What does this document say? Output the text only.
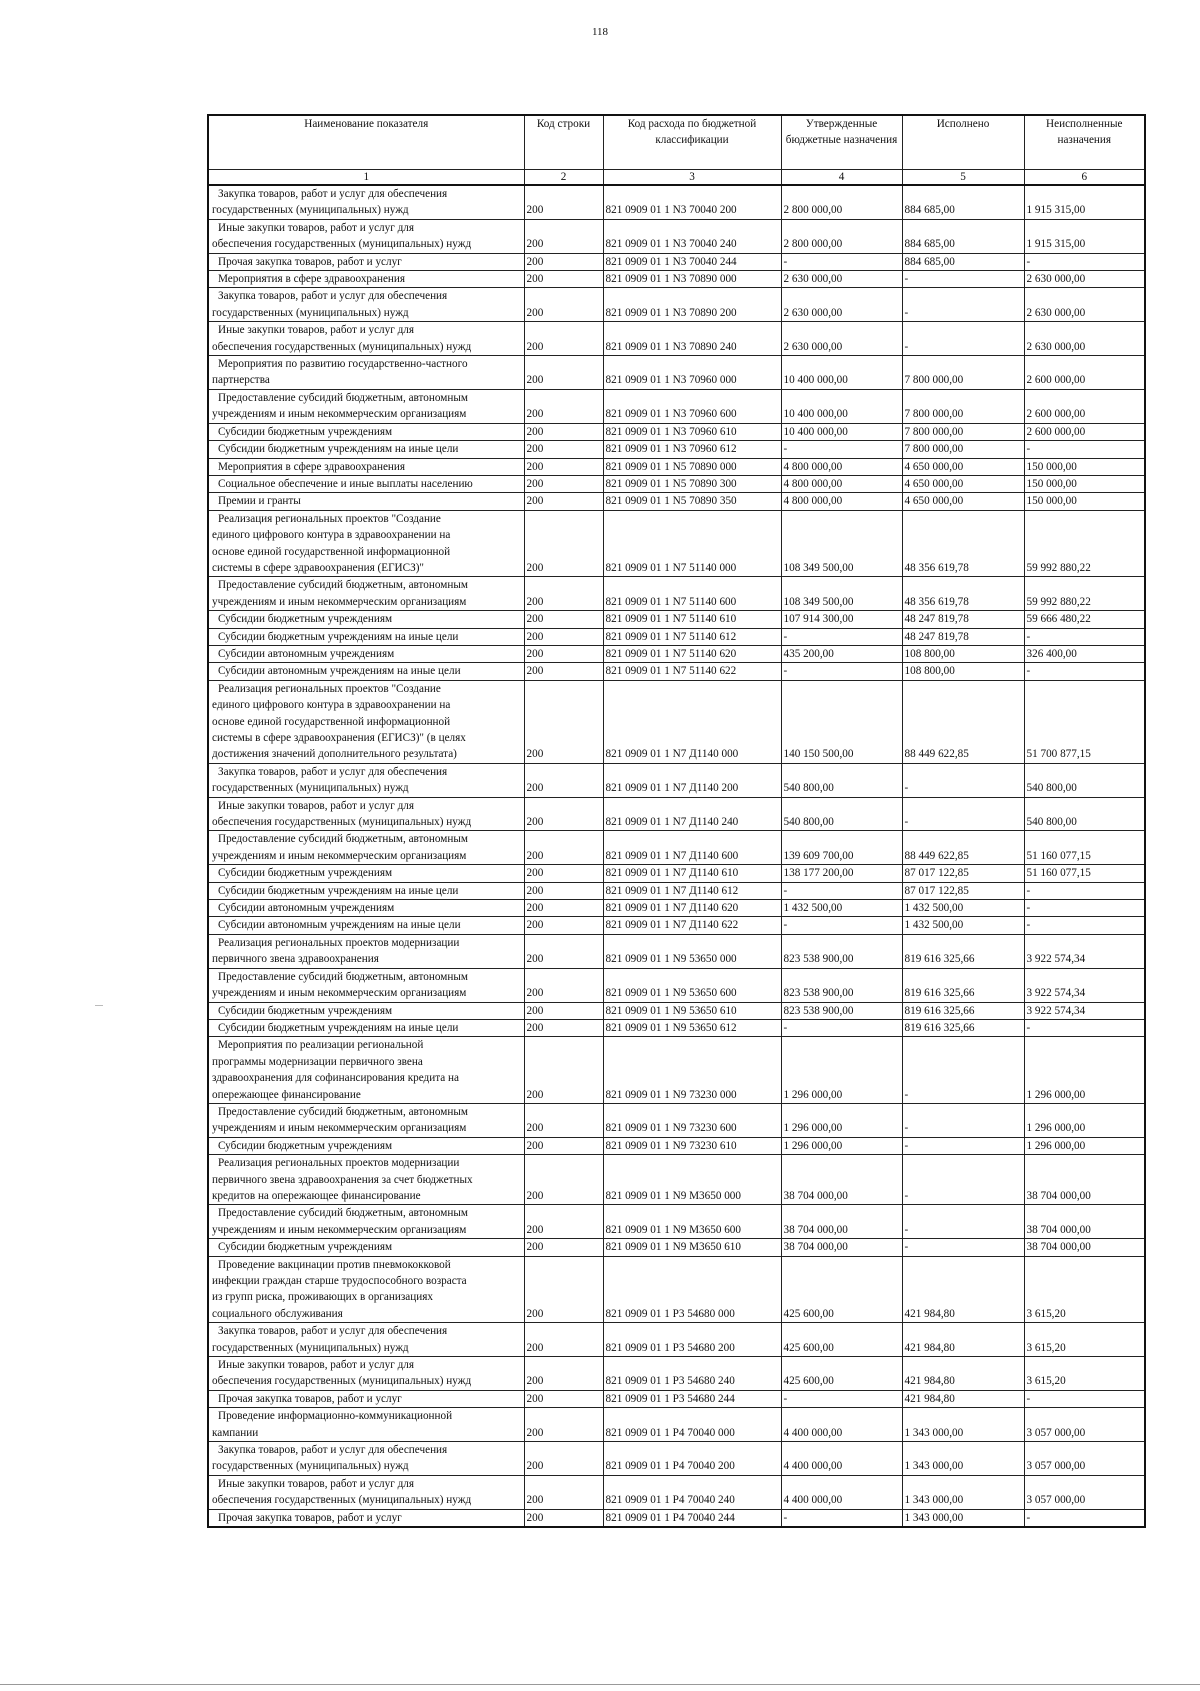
118
Наименование показателя	Код строки	Код расхода по бюджетной классификации	Утвержденные бюджетные назначения	Исполнено	Неисполненные назначения
1	2	3	4	5	6

Закупка товаров, работ и услуг для обеспечения
государственных (муниципальных) нужд	200	821 0909 01 1 N3 70040 200	2 800 000,00	884 685,00	1 915 315,00

Иные закупки товаров, работ и услуг для
обеспечения государственных (муниципальных) нужд	200	821 0909 01 1 N3 70040 240	2 800 000,00	884 685,00	1 915 315,00

Прочая закупка товаров, работ и услуг	200	821 0909 01 1 N3 70040 244	-	884 685,00	-

Мероприятия в сфере здравоохранения	200	821 0909 01 1 N3 70890 000	2 630 000,00	-	2 630 000,00

Закупка товаров, работ и услуг для обеспечения
государственных (муниципальных) нужд	200	821 0909 01 1 N3 70890 200	2 630 000,00	-	2 630 000,00

Иные закупки товаров, работ и услуг для
обеспечения государственных (муниципальных) нужд	200	821 0909 01 1 N3 70890 240	2 630 000,00	-	2 630 000,00

Мероприятия по развитию государственно-частного
партнерства	200	821 0909 01 1 N3 70960 000	10 400 000,00	7 800 000,00	2 600 000,00

Предоставление субсидий бюджетным, автономным
учреждениям и иным некоммерческим организациям	200	821 0909 01 1 N3 70960 600	10 400 000,00	7 800 000,00	2 600 000,00

Субсидии бюджетным учреждениям	200	821 0909 01 1 N3 70960 610	10 400 000,00	7 800 000,00	2 600 000,00

Субсидии бюджетным учреждениям на иные цели	200	821 0909 01 1 N3 70960 612	-	7 800 000,00	-

Мероприятия в сфере здравоохранения	200	821 0909 01 1 N5 70890 000	4 800 000,00	4 650 000,00	150 000,00

Социальное обеспечение и иные выплаты населению	200	821 0909 01 1 N5 70890 300	4 800 000,00	4 650 000,00	150 000,00

Премии и гранты	200	821 0909 01 1 N5 70890 350	4 800 000,00	4 650 000,00	150 000,00

Реализация региональных проектов "Создание
единого цифрового контура в здравоохранении на
основе единой государственной информационной
системы в сфере здравоохранения (ЕГИСЗ)"	200	821 0909 01 1 N7 51140 000	108 349 500,00	48 356 619,78	59 992 880,22

Предоставление субсидий бюджетным, автономным
учреждениям и иным некоммерческим организациям	200	821 0909 01 1 N7 51140 600	108 349 500,00	48 356 619,78	59 992 880,22

Субсидии бюджетным учреждениям	200	821 0909 01 1 N7 51140 610	107 914 300,00	48 247 819,78	59 666 480,22

Субсидии бюджетным учреждениям на иные цели	200	821 0909 01 1 N7 51140 612	-	48 247 819,78	-

Субсидии автономным учреждениям	200	821 0909 01 1 N7 51140 620	435 200,00	108 800,00	326 400,00

Субсидии автономным учреждениям на иные цели	200	821 0909 01 1 N7 51140 622	-	108 800,00	-

Реализация региональных проектов "Создание
единого цифрового контура в здравоохранении на
основе единой государственной информационной
системы в сфере здравоохранения (ЕГИСЗ)" (в целях
достижения значений дополнительного результата)	200	821 0909 01 1 N7 Д1140 000	140 150 500,00	88 449 622,85	51 700 877,15

Закупка товаров, работ и услуг для обеспечения
государственных (муниципальных) нужд	200	821 0909 01 1 N7 Д1140 200	540 800,00	-	540 800,00

Иные закупки товаров, работ и услуг для
обеспечения государственных (муниципальных) нужд	200	821 0909 01 1 N7 Д1140 240	540 800,00	-	540 800,00

Предоставление субсидий бюджетным, автономным
учреждениям и иным некоммерческим организациям	200	821 0909 01 1 N7 Д1140 600	139 609 700,00	88 449 622,85	51 160 077,15

Субсидии бюджетным учреждениям	200	821 0909 01 1 N7 Д1140 610	138 177 200,00	87 017 122,85	51 160 077,15

Субсидии бюджетным учреждениям на иные цели	200	821 0909 01 1 N7 Д1140 612	-	87 017 122,85	-

Субсидии автономным учреждениям	200	821 0909 01 1 N7 Д1140 620	1 432 500,00	1 432 500,00	-

Субсидии автономным учреждениям на иные цели	200	821 0909 01 1 N7 Д1140 622	-	1 432 500,00	-

Реализация региональных проектов модернизации
первичного звена здравоохранения	200	821 0909 01 1 N9 53650 000	823 538 900,00	819 616 325,66	3 922 574,34

Предоставление субсидий бюджетным, автономным
учреждениям и иным некоммерческим организациям	200	821 0909 01 1 N9 53650 600	823 538 900,00	819 616 325,66	3 922 574,34

Субсидии бюджетным учреждениям	200	821 0909 01 1 N9 53650 610	823 538 900,00	819 616 325,66	3 922 574,34

Субсидии бюджетным учреждениям на иные цели	200	821 0909 01 1 N9 53650 612	-	819 616 325,66	-

Мероприятия по реализации региональной
программы модернизации первичного звена
здравоохранения для софинансирования кредита на
опережающее финансирование	200	821 0909 01 1 N9 73230 000	1 296 000,00	-	1 296 000,00

Предоставление субсидий бюджетным, автономным
учреждениям и иным некоммерческим организациям	200	821 0909 01 1 N9 73230 600	1 296 000,00	-	1 296 000,00

Субсидии бюджетным учреждениям	200	821 0909 01 1 N9 73230 610	1 296 000,00	-	1 296 000,00

Реализация региональных проектов модернизации
первичного звена здравоохранения за счет бюджетных
кредитов на опережающее финансирование	200	821 0909 01 1 N9 M3650 000	38 704 000,00	-	38 704 000,00

Предоставление субсидий бюджетным, автономным
учреждениям и иным некоммерческим организациям	200	821 0909 01 1 N9 M3650 600	38 704 000,00	-	38 704 000,00

Субсидии бюджетным учреждениям	200	821 0909 01 1 N9 M3650 610	38 704 000,00	-	38 704 000,00

Проведение вакцинации против пневмококковой
инфекции граждан старше трудоспособного возраста
из групп риска, проживающих в организациях
социального обслуживания	200	821 0909 01 1 P3 54680 000	425 600,00	421 984,80	3 615,20

Закупка товаров, работ и услуг для обеспечения
государственных (муниципальных) нужд	200	821 0909 01 1 P3 54680 200	425 600,00	421 984,80	3 615,20

Иные закупки товаров, работ и услуг для
обеспечения государственных (муниципальных) нужд	200	821 0909 01 1 P3 54680 240	425 600,00	421 984,80	3 615,20

Прочая закупка товаров, работ и услуг	200	821 0909 01 1 P3 54680 244	-	421 984,80	-

Проведение информационно-коммуникационной
кампании	200	821 0909 01 1 P4 70040 000	4 400 000,00	1 343 000,00	3 057 000,00

Закупка товаров, работ и услуг для обеспечения
государственных (муниципальных) нужд	200	821 0909 01 1 P4 70040 200	4 400 000,00	1 343 000,00	3 057 000,00

Иные закупки товаров, работ и услуг для
обеспечения государственных (муниципальных) нужд	200	821 0909 01 1 P4 70040 240	4 400 000,00	1 343 000,00	3 057 000,00

Прочая закупка товаров, работ и услуг	200	821 0909 01 1 P4 70040 244	-	1 343 000,00	-
